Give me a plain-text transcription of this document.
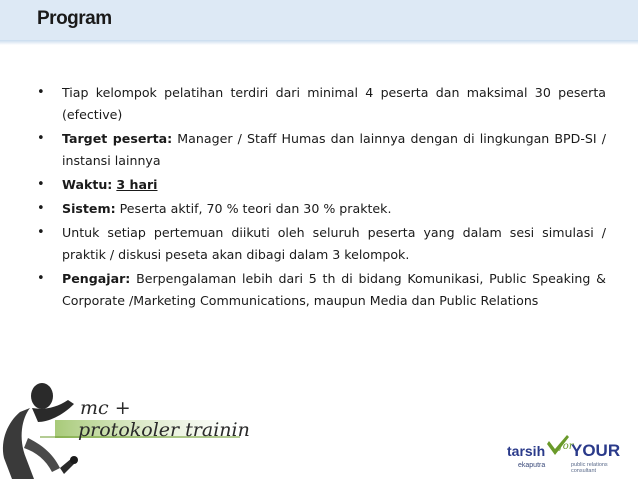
Program
• Tiap kelompok pelatihan terdiri dari minimal 4 peserta dan maksimal 30 peserta (efective)
• Target peserta: Manager / Staff Humas dan lainnya dengan di lingkungan BPD-SI / instansi lainnya
• Waktu: 3 hari
• Sistem: Peserta aktif, 70 % teori dan 30 % praktek.
• Untuk setiap pertemuan diikuti oleh seluruh peserta yang dalam sesi simulasi / praktik / diskusi peseta akan dibagi dalam 3 kelompok.
• Pengajar: Berpengalaman lebih dari 5 th di bidang Komunikasi, Public Speaking & Corporate /Marketing Communications, maupun Media dan Public Relations
mc +
protokoler training
tarsih
ekaputra
for
YOUR
public relations consultant
